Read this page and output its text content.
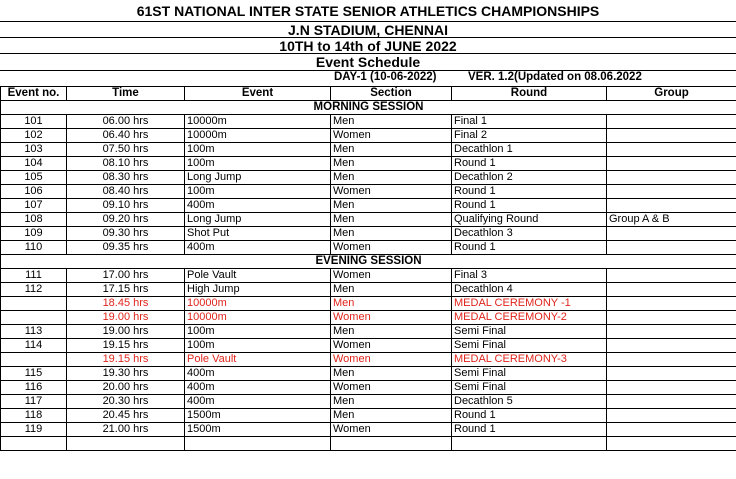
61ST NATIONAL INTER STATE SENIOR ATHLETICS CHAMPIONSHIPS
J.N STADIUM, CHENNAI
10TH to 14th of JUNE 2022
Event Schedule
DAY-1 (10-06-2022)	VER. 1.2(Updated on 08.06.2022
Event no.	Time	Event	Section	Round	Group
MORNING SESSION					
101	06.00 hrs	10000m	Men	Final 1	
102	06.40 hrs	10000m	Women	Final 2	
103	07.50 hrs	100m	Men	Decathlon 1	
104	08.10 hrs	100m	Men	Round 1	
105	08.30 hrs	Long Jump	Men	Decathlon 2	
106	08.40 hrs	100m	Women	Round 1	
107	09.10 hrs	400m	Men	Round 1	
108	09.20 hrs	Long Jump	Men	Qualifying Round	Group A & B
109	09.30 hrs	Shot Put	Men	Decathlon 3	
110	09.35 hrs	400m	Women	Round 1	
EVENING SESSION					
111	17.00 hrs	Pole Vault	Women	Final 3	
112	17.15 hrs	High Jump	Men	Decathlon 4	
	18.45 hrs	10000m	Men	MEDAL CEREMONY -1	
	19.00 hrs	10000m	Women	MEDAL CEREMONY-2	
113	19.00 hrs	100m	Men	Semi Final	
114	19.15 hrs	100m	Women	Semi Final	
	19.15 hrs	Pole Vault	Women	MEDAL CEREMONY-3	
115	19.30 hrs	400m	Men	Semi Final	
116	20.00 hrs	400m	Women	Semi Final	
117	20.30 hrs	400m	Men	Decathlon 5	
118	20.45 hrs	1500m	Men	Round 1	
119	21.00 hrs	1500m	Women	Round 1	
